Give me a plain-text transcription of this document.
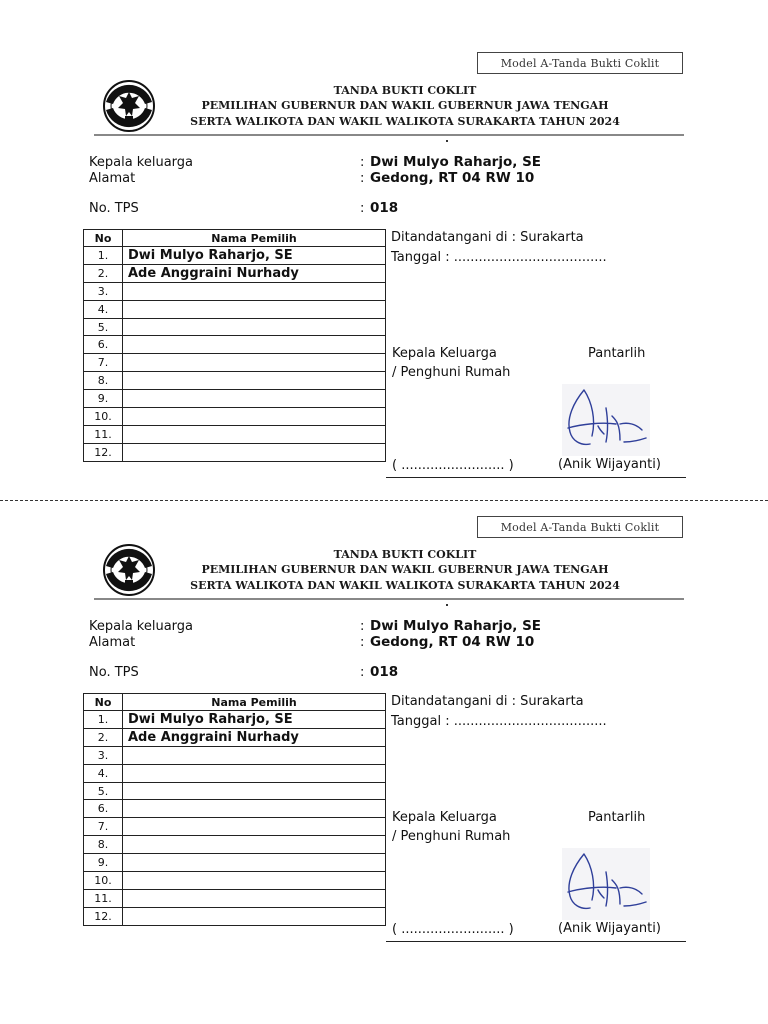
Model A-Tanda Bukti Coklit
TANDA BUKTI COKLIT
PEMILIHAN GUBERNUR DAN WAKIL GUBERNUR JAWA TENGAH
SERTA WALIKOTA DAN WAKIL WALIKOTA SURAKARTA TAHUN 2024
Kepala keluarga	: Dwi Mulyo Raharjo, SE
Alamat	: Gedong, RT 04 RW 10
No. TPS	: 018
No	Nama Pemilih
1.	Dwi Mulyo Raharjo, SE
2.	Ade Anggraini Nurhady
3.	
4.	
5.	
6.	
7.	
8.	
9.	
10.	
11.	
12.	
Ditandatangani di : Surakarta
Tanggal : .....................................
Kepala Keluarga	Pantarlih
/ Penghuni Rumah
( ......................... )	(Anik Wijayanti)
Model A-Tanda Bukti Coklit
TANDA BUKTI COKLIT
PEMILIHAN GUBERNUR DAN WAKIL GUBERNUR JAWA TENGAH
SERTA WALIKOTA DAN WAKIL WALIKOTA SURAKARTA TAHUN 2024
Kepala keluarga	: Dwi Mulyo Raharjo, SE
Alamat	: Gedong, RT 04 RW 10
No. TPS	: 018
No	Nama Pemilih
1.	Dwi Mulyo Raharjo, SE
2.	Ade Anggraini Nurhady
3.	
4.	
5.	
6.	
7.	
8.	
9.	
10.	
11.	
12.	
Ditandatangani di : Surakarta
Tanggal : .....................................
Kepala Keluarga	Pantarlih
/ Penghuni Rumah
( ......................... )	(Anik Wijayanti)
